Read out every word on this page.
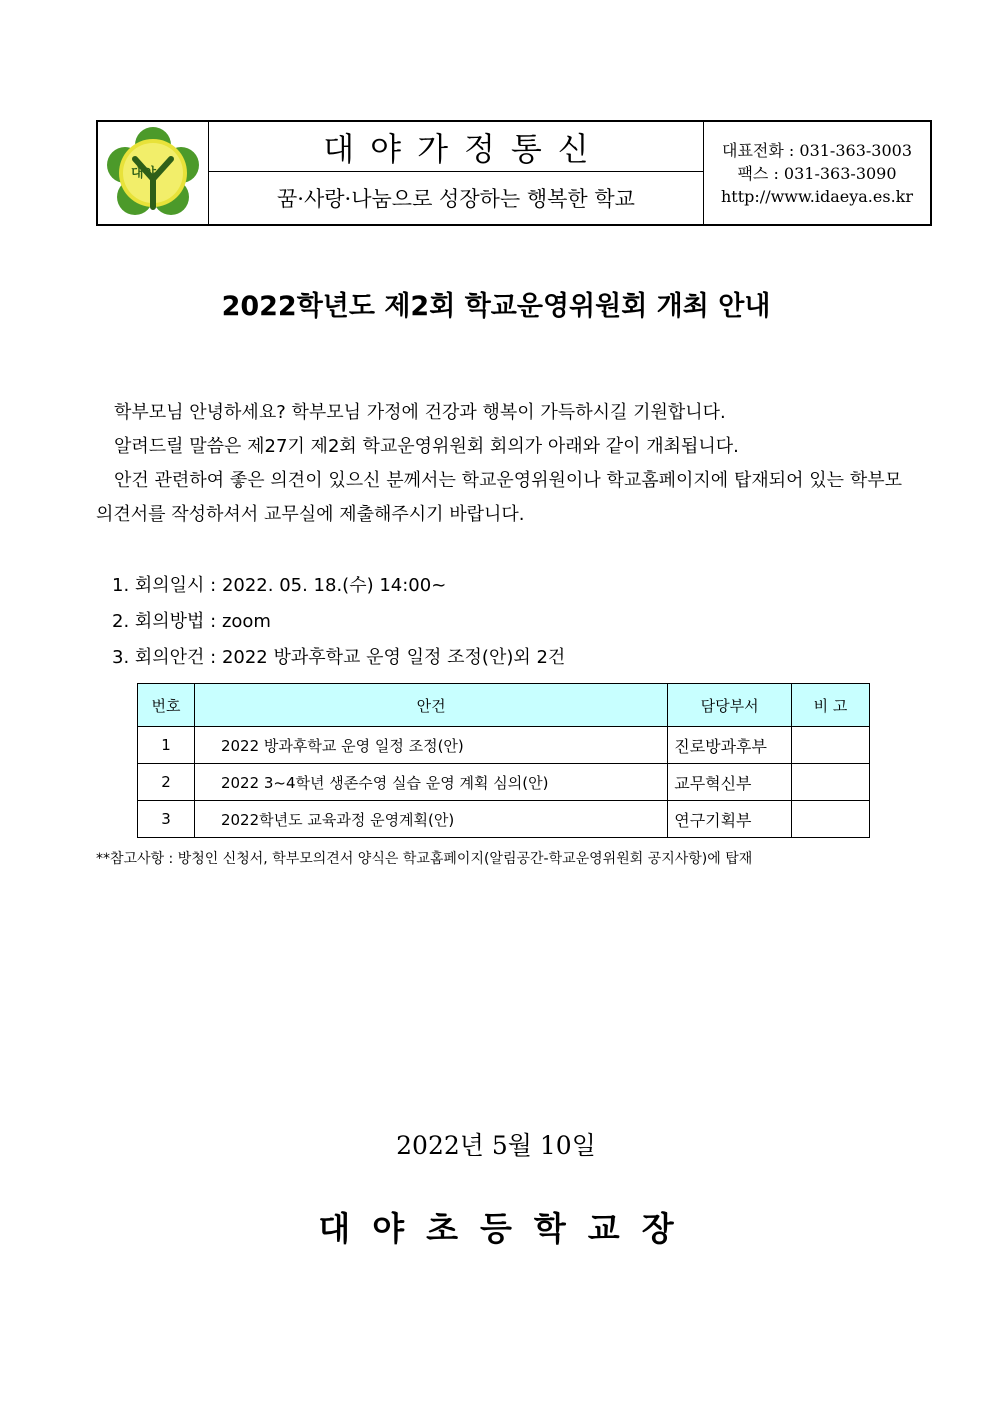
대야
대야가정통신
꿈·사랑·나눔으로 성장하는 행복한 학교
대표전화 : 031-363-3003
팩스 : 031-363-3090
http://www.idaeya.es.kr
2022학년도 제2회 학교운영위원회 개최 안내

학부모님 안녕하세요? 학부모님 가정에 건강과 행복이 가득하시길 기원합니다.

알려드릴 말씀은 제27기 제2회 학교운영위원회 회의가 아래와 같이 개최됩니다.

안건 관련하여 좋은 의견이 있으신 분께서는 학교운영위원이나 학교홈페이지에 탑재되어 있는 학부모의견서를 작성하셔서 교무실에 제출해주시기 바랍니다.

1. 회의일시 : 2022. 05. 18.(수) 14:00~
2. 회의방법 : zoom
3. 회의안건 : 2022 방과후학교 운영 일정 조정(안)외 2건
번호	안건	담당부서	비 고
1	2022 방과후학교 운영 일정 조정(안)	진로방과후부	
2	2022 3~4학년 생존수영 실습 운영 계획 심의(안)	교무혁신부	
3	2022학년도 교육과정 운영계획(안)	연구기획부	
**참고사항 : 방청인 신청서, 학부모의견서 양식은 학교홈페이지(알림공간-학교운영위원회 공지사항)에 탑재
2022년 5월 10일
대야초등학교장
